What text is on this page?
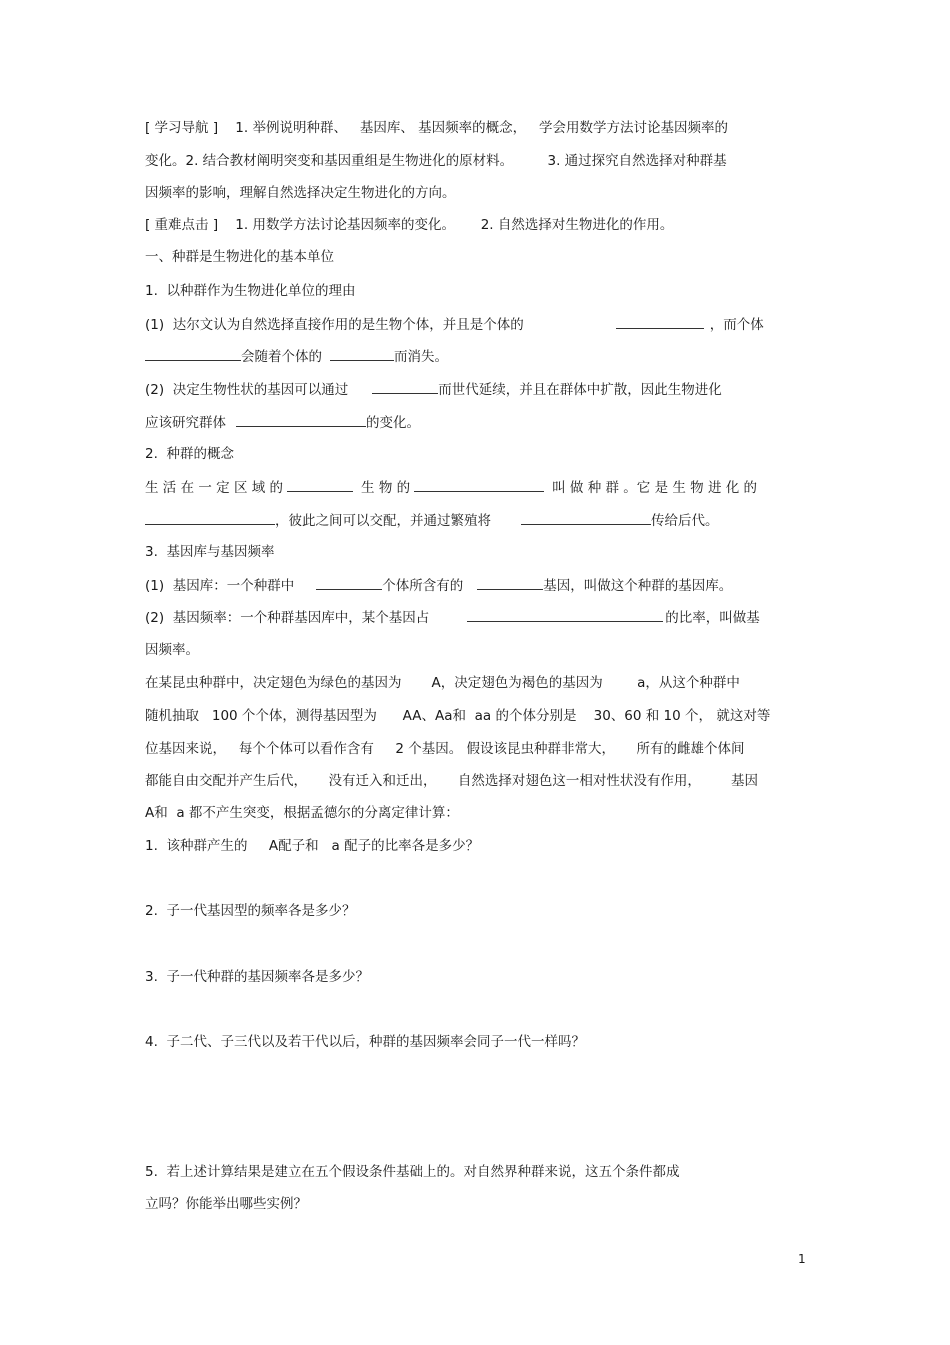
[ 学习导航 ]    1. 举例说明种群、   基因库、 基因频率的概念，   学会用数学方法讨论基因频率的
变化。2. 结合教材阐明突变和基因重组是生物进化的原材料。        3. 通过探究自然选择对种群基
因频率的影响，理解自然选择决定生物进化的方向。
[ 重难点击 ]    1. 用数学方法讨论基因频率的变化。      2. 自然选择对生物进化的作用。
一、种群是生物进化的基本单位
1.  以种群作为生物进化单位的理由
(1)  达尔文认为自然选择直接作用的是生物个体，并且是个体的	，而个体
会随着个体的	而消失。
(2)  决定生物性状的基因可以通过	而世代延续，并且在群体中扩散，因此生物进化
应该研究群体	的变化。
2.  种群的概念
生 活 在 一 定 区 域 的	生 物 的	叫 做 种 群 。它 是 生 物 进 化 的
，彼此之间可以交配，并通过繁殖将	传给后代。
3.  基因库与基因频率
(1)  基因库：一个种群中	个体所含有的	基因，叫做这个种群的基因库。
(2)  基因频率：一个种群基因库中，某个基因占	的比率，叫做基
因频率。
在某昆虫种群中，决定翅色为绿色的基因为       A，决定翅色为褐色的基因为        a，从这个种群中
随机抽取   100 个个体，测得基因型为      AA、Aa和  aa 的个体分别是    30、60 和 10 个， 就这对等
位基因来说，   每个个体可以看作含有     2 个基因。 假设该昆虫种群非常大，     所有的雌雄个体间
都能自由交配并产生后代，     没有迁入和迁出，     自然选择对翅色这一相对性状没有作用，       基因
A和  a 都不产生突变，根据孟德尔的分离定律计算：
1.  该种群产生的     A配子和   a 配子的比率各是多少？
2.  子一代基因型的频率各是多少？
3.  子一代种群的基因频率各是多少？
4.  子二代、子三代以及若干代以后，种群的基因频率会同子一代一样吗？
5.  若上述计算结果是建立在五个假设条件基础上的。对自然界种群来说，这五个条件都成
立吗？你能举出哪些实例？
1
